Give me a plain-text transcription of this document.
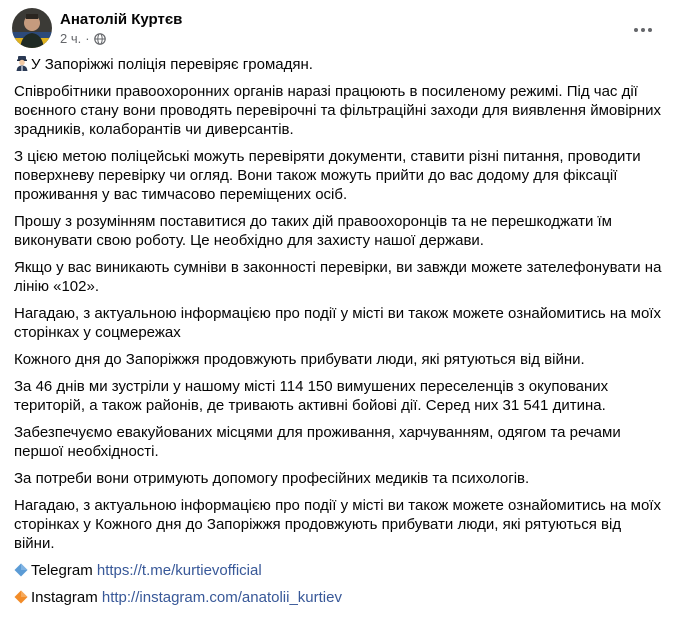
Анатолій Куртєв
2 ч. ·

У Запоріжжі поліція перевіряє громадян.

Співробітники правоохоронних органів наразі працюють в посиленому режимі. Під час дії воєнного стану вони проводять перевірочні та фільтраційні заходи для виявлення ймовірних зрадників, колаборантів чи диверсантів.

З цією метою поліцейські можуть перевіряти документи, ставити різні питання, проводити поверхневу перевірку чи огляд. Вони також можуть прийти до вас додому для фіксації проживання у вас тимчасово переміщених осіб.

Прошу з розумінням поставитися до таких дій правоохоронців та не перешкоджати їм виконувати свою роботу. Це необхідно для захисту нашої держави.

Якщо у вас виникають сумніви в законності перевірки, ви завжди можете зателефонувати на лінію «102».

Нагадаю, з актуальною інформацією про події у місті ви також можете ознайомитись на моїх сторінках у соцмережах

Кожного дня до Запоріжжя продовжують прибувати люди, які рятуються від війни.

За 46 днів ми зустріли у нашому місті 114 150 вимушених переселенців з окупованих територій, а також районів, де тривають активні бойові дії. Серед них 31 541 дитина.

Забезпечуємо евакуйованих місцями для проживання, харчуванням, одягом та речами першої необхідності.

За потреби вони отримують допомогу професійних медиків та психологів.

Нагадаю, з актуальною інформацією про події у місті ви також можете ознайомитись на моїх сторінках у Кожного дня до Запоріжжя продовжують прибувати люди, які рятуються від війни.

Telegram https://t.me/kurtievofficial

Instagram http://instagram.com/anatolii_kurtiev
